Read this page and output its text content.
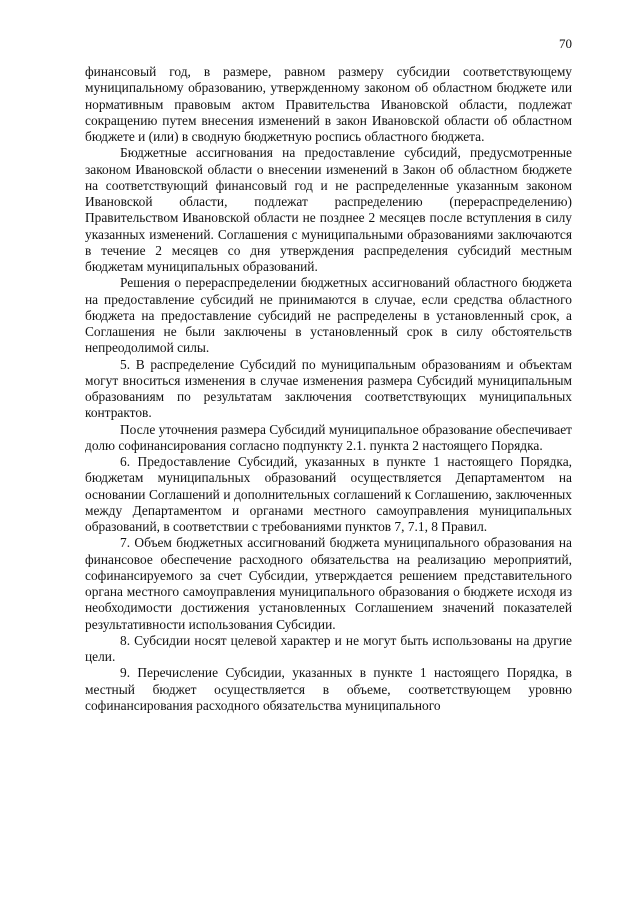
70

финансовый год, в размере, равном размеру субсидии соответствующему муниципальному образованию, утвержденному законом об областном бюджете или нормативным правовым актом Правительства Ивановской области, подлежат сокращению путем внесения изменений в закон Ивановской области об областном бюджете и (или) в сводную бюджетную роспись областного бюджета.

Бюджетные ассигнования на предоставление субсидий, предусмотренные законом Ивановской области о внесении изменений в Закон об областном бюджете на соответствующий финансовый год и не распределенные указанным законом Ивановской области, подлежат распределению (перераспределению) Правительством Ивановской области не позднее 2 месяцев после вступления в силу указанных изменений. Соглашения с муниципальными образованиями заключаются в течение 2 месяцев со дня утверждения распределения субсидий местным бюджетам муниципальных образований.

Решения о перераспределении бюджетных ассигнований областного бюджета на предоставление субсидий не принимаются в случае, если средства областного бюджета на предоставление субсидий не распределены в установленный срок, а Соглашения не были заключены в установленный срок в силу обстоятельств непреодолимой силы.

5. В распределение Субсидий по муниципальным образованиям и объектам могут вноситься изменения в случае изменения размера Субсидий муниципальным образованиям по результатам заключения соответствующих муниципальных контрактов.

После уточнения размера Субсидий муниципальное образование обеспечивает долю софинансирования согласно подпункту 2.1. пункта 2 настоящего Порядка.

6. Предоставление Субсидий, указанных в пункте 1 настоящего Порядка, бюджетам муниципальных образований осуществляется Департаментом на основании Соглашений и дополнительных соглашений к Соглашению, заключенных между Департаментом и органами местного самоуправления муниципальных образований, в соответствии с требованиями пунктов 7, 7.1, 8 Правил.

7. Объем бюджетных ассигнований бюджета муниципального образования на финансовое обеспечение расходного обязательства на реализацию мероприятий, софинансируемого за счет Субсидии, утверждается решением представительного органа местного самоуправления муниципального образования о бюджете исходя из необходимости достижения установленных Соглашением значений показателей результативности использования Субсидии.

8. Субсидии носят целевой характер и не могут быть использованы на другие цели.

9. Перечисление Субсидии, указанных в пункте 1 настоящего Порядка, в местный бюджет осуществляется в объеме, соответствующем уровню софинансирования расходного обязательства муниципального
